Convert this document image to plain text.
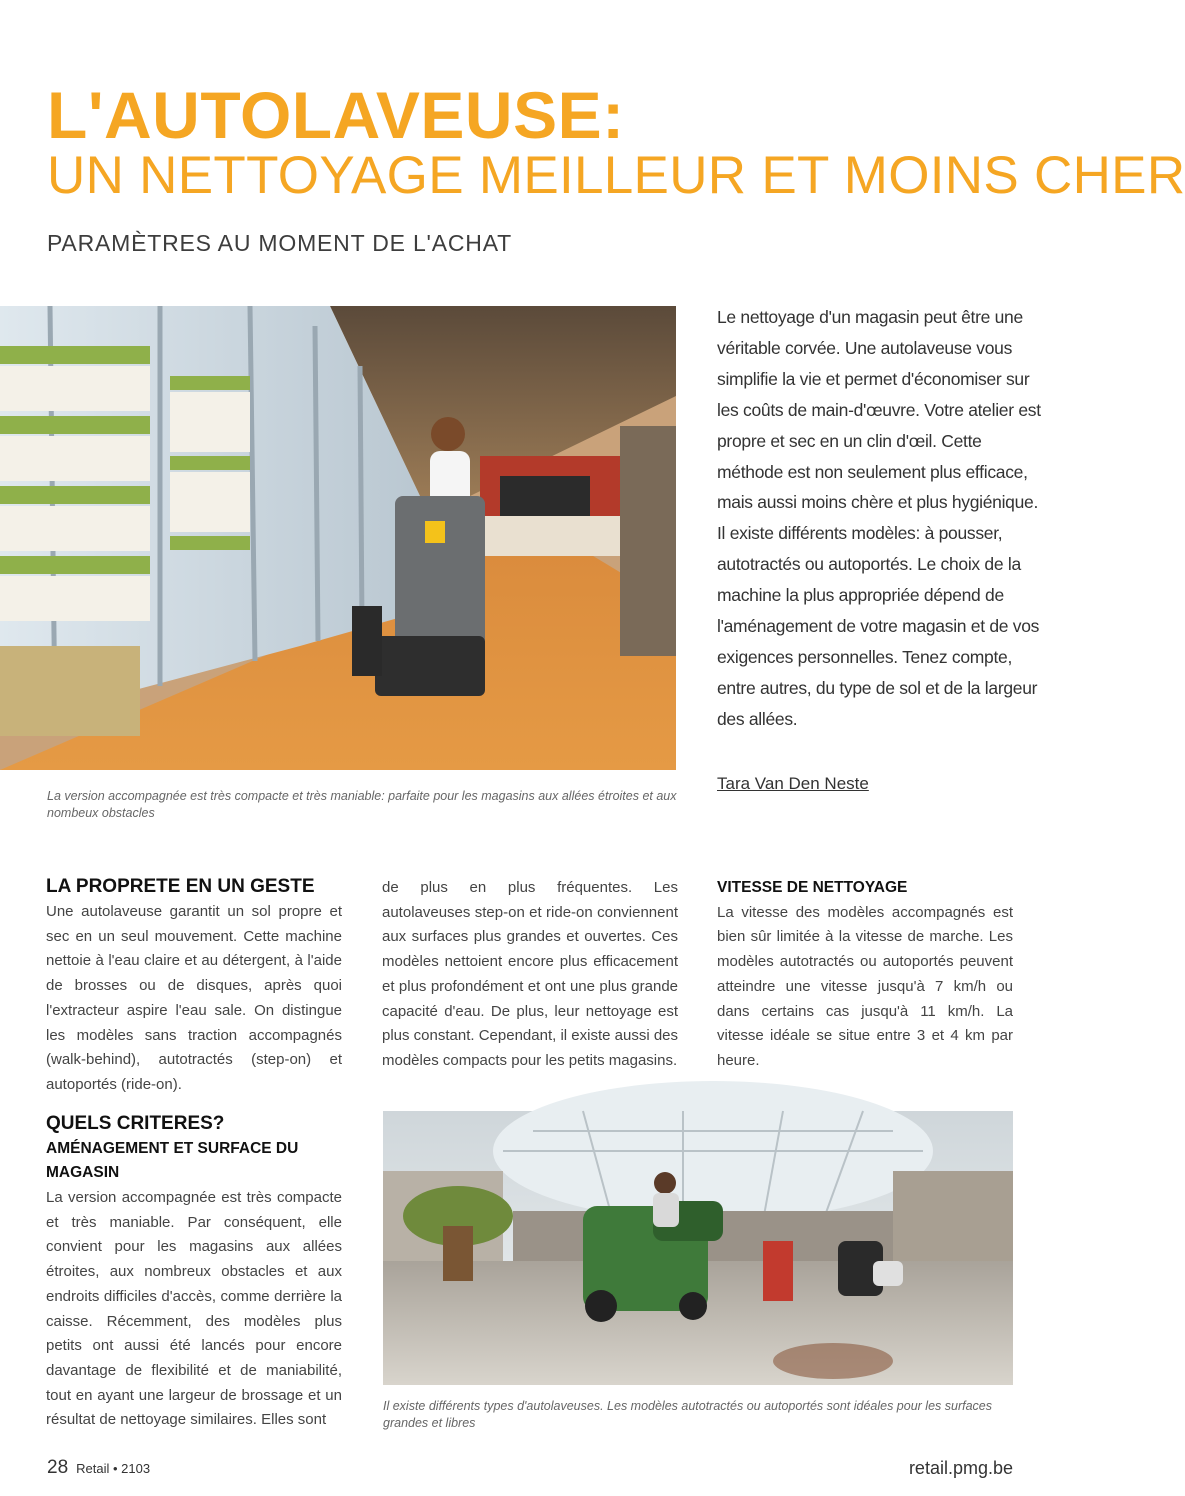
L'AUTOLAVEUSE:
UN NETTOYAGE MEILLEUR ET MOINS CHER
PARAMÈTRES AU MOMENT DE L'ACHAT
La version accompagnée est très compacte et très maniable: parfaite pour les magasins aux allées étroites et aux nombeux obstacles
Le nettoyage d'un magasin peut être une véritable corvée. Une autolaveuse vous simplifie la vie et permet d'économiser sur les coûts de main-d'œuvre. Votre atelier est propre et sec en un clin d'œil. Cette méthode est non seulement plus efficace, mais aussi moins chère et plus hygiénique. Il existe différents modèles: à pousser, autotractés ou autoportés. Le choix de la machine la plus appropriée dépend de l'aménagement de votre magasin et de vos exigences personnelles. Tenez compte, entre autres, du type de sol et de la largeur des allées.
Tara Van Den Neste

LA PROPRETE EN UN GESTE

Une autolaveuse garantit un sol propre et sec en un seul mouvement. Cette machine nettoie à l'eau claire et au détergent, à l'aide de brosses ou de disques, après quoi l'extracteur aspire l'eau sale. On distingue les modèles sans traction accompagnés (walk-behind), autotractés (step-on) et autoportés (ride-on).

QUELS CRITERES?

AMÉNAGEMENT ET SURFACE DU MAGASIN

La version accompagnée est très compacte et très maniable. Par conséquent, elle convient pour les magasins aux allées étroites, aux nombreux obstacles et aux endroits difficiles d'accès, comme derrière la caisse. Récemment, des modèles plus petits ont aussi été lancés pour encore davantage de flexibilité et de maniabilité, tout en ayant une largeur de brossage et un résultat de nettoyage similaires. Elles sont

de plus en plus fréquentes. Les autolaveuses step-on et ride-on conviennent aux surfaces plus grandes et ouvertes. Ces modèles nettoient encore plus efficacement et plus profondément et ont une plus grande capacité d'eau. De plus, leur nettoyage est plus constant. Cependant, il existe aussi des modèles compacts pour les petits magasins.

VITESSE DE NETTOYAGE

La vitesse des modèles accompagnés est bien sûr limitée à la vitesse de marche. Les modèles autotractés ou autoportés peuvent atteindre une vitesse jusqu'à 7 km/h ou dans certains cas jusqu'à 11 km/h. La vitesse idéale se situe entre 3 et 4 km par heure.

Il existe différents types d'autolaveuses. Les modèles autotractés ou autoportés sont idéales pour les surfaces grandes et libres
28 Retail • 2103	retail.pmg.be
